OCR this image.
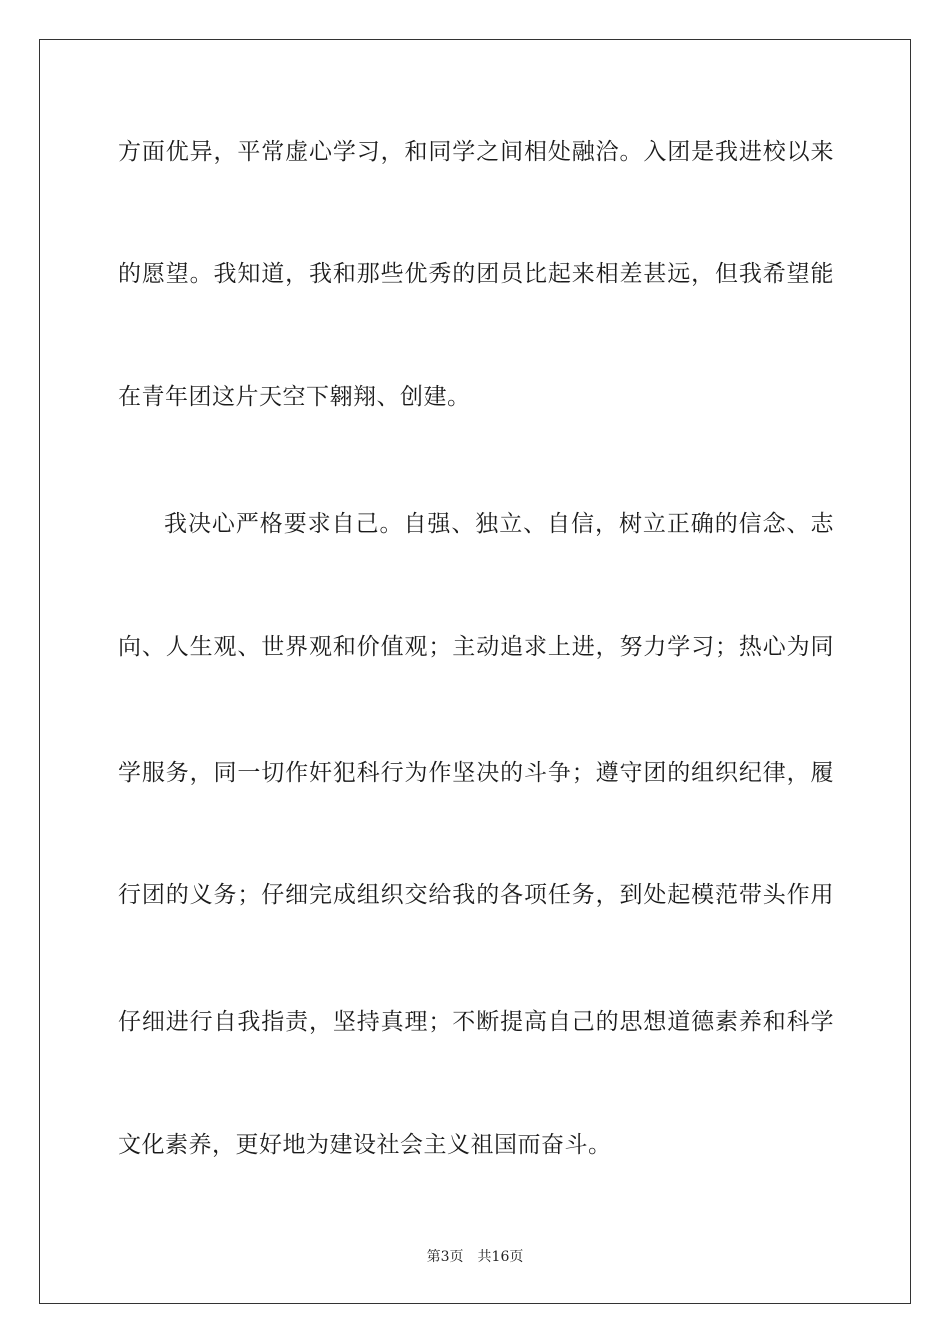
方面优异，平常虚心学习，和同学之间相处融洽。入团是我进校以来
的愿望。我知道，我和那些优秀的团员比起来相差甚远，但我希望能
在青年团这片天空下翱翔、创建。
我决心严格要求自己。自强、独立、自信，树立正确的信念、志
向、人生观、世界观和价值观；主动追求上进，努力学习；热心为同
学服务，同一切作奸犯科行为作坚决的斗争；遵守团的组织纪律，履
行团的义务；仔细完成组织交给我的各项任务，到处起模范带头作用
仔细进行自我指责，坚持真理；不断提高自己的思想道德素养和科学
文化素养，更好地为建设社会主义祖国而奋斗。
第3页 共16页
